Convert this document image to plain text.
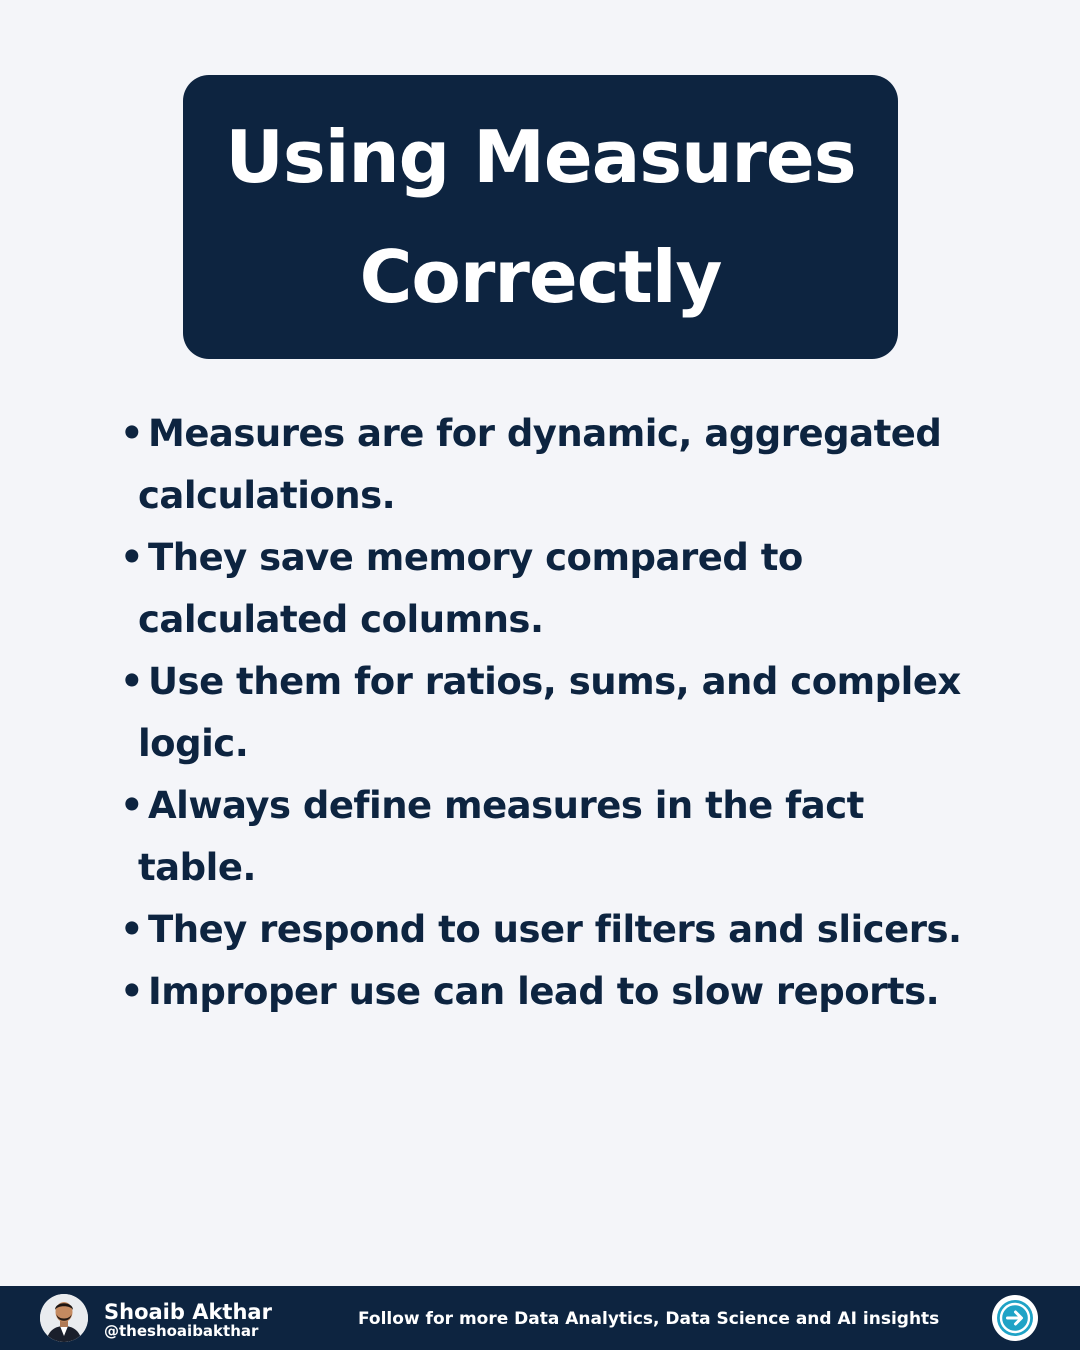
Using Measures
Correctly
• Measures are for dynamic, aggregated calculations.
• They save memory compared to calculated columns.
• Use them for ratios, sums, and complex logic.
• Always define measures in the fact table.
• They respond to user filters and slicers.
• Improper use can lead to slow reports.
Shoaib Akthar
@theshoaibakthar
Follow for more Data Analytics, Data Science and AI insights
